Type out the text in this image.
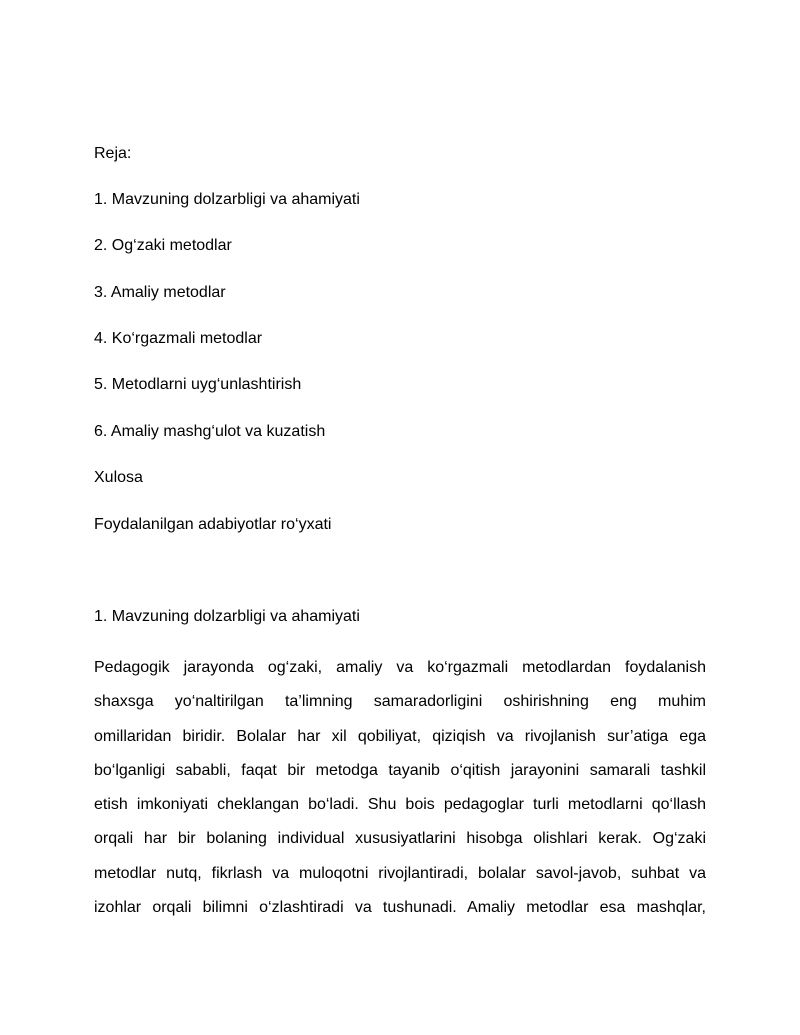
Reja:
1. Mavzuning dolzarbligi va ahamiyati
2. Og‘zaki metodlar
3. Amaliy metodlar
4. Ko‘rgazmali metodlar
5. Metodlarni uyg‘unlashtirish
6. Amaliy mashg‘ulot va kuzatish
Xulosa
Foydalanilgan adabiyotlar ro‘yxati
1. Mavzuning dolzarbligi va ahamiyati
Pedagogik jarayonda og‘zaki, amaliy va ko‘rgazmali metodlardan foydalanish
shaxsga yo‘naltirilgan ta’limning samaradorligini oshirishning eng muhim
omillaridan biridir. Bolalar har xil qobiliyat, qiziqish va rivojlanish sur’atiga ega
bo‘lganligi sababli, faqat bir metodga tayanib o‘qitish jarayonini samarali tashkil
etish imkoniyati cheklangan bo‘ladi. Shu bois pedagoglar turli metodlarni qo‘llash
orqali har bir bolaning individual xususiyatlarini hisobga olishlari kerak. Og‘zaki
metodlar nutq, fikrlash va muloqotni rivojlantiradi, bolalar savol-javob, suhbat va
izohlar orqali bilimni o‘zlashtiradi va tushunadi. Amaliy metodlar esa mashqlar,
